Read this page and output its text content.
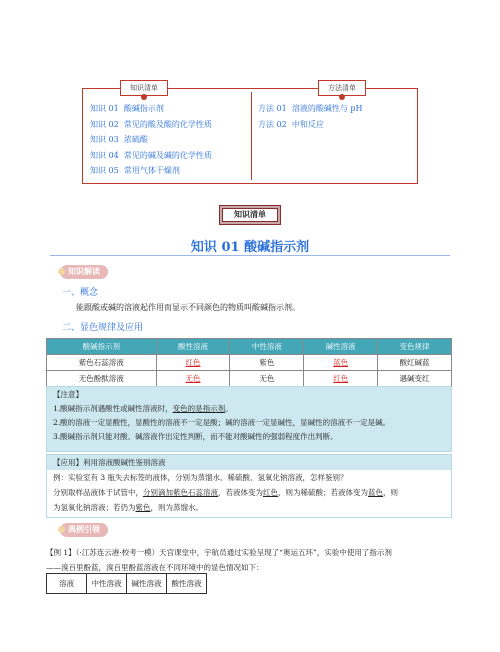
知识清单	方法清单
知识 01 酸碱指示剂
知识 02 常见的酸及酸的化学性质
知识 03 浓硫酸
知识 04 常见的碱及碱的化学性质
知识 05 常用气体干燥剂
方法 01 溶液的酸碱性与 pH
方法 02 中和反应
知识清单
知识 01 酸碱指示剂
知识解读
一、概念
能跟酸或碱的溶液起作用而显示不同颜色的物质叫酸碱指示剂。
二、显色规律及应用
酸碱指示剂	酸性溶液	中性溶液	碱性溶液	变色规律
紫色石蕊溶液	红色	紫色	蓝色	酸红碱蓝
无色酚酞溶液	无色	无色	红色	遇碱变红
【注意】
1.酸碱指示剂遇酸性或碱性溶液时，变色的是指示剂。
2.酸的溶液一定显酸性，显酸性的溶液不一定是酸；碱的溶液一定显碱性，显碱性的溶液不一定是碱。
3.酸碱指示剂只能对酸、碱溶液作出定性判断，而不能对酸碱性的强弱程度作出判断。
【应用】利用溶液酸碱性鉴别溶液
例：实验室有 3 瓶失去标签的液体，分别为蒸馏水、稀硫酸、氢氧化钠溶液，怎样鉴别？
分别取样品液体于试管中，分别滴加紫色石蕊溶液，若液体变为红色，则为稀硫酸；若液体变为蓝色，则
为氢氧化钠溶液；若仍为紫色，则为蒸馏水。
典例引领
【例 1】（·江苏连云港·校考一模）天宫课堂中，宇航员通过实验呈现了“奥运五环”，实验中使用了指示剂
——溴百里酚蓝，溴百里酚蓝溶液在不同环境中的显色情况如下：
溶液	中性溶液	碱性溶液	酸性溶液
